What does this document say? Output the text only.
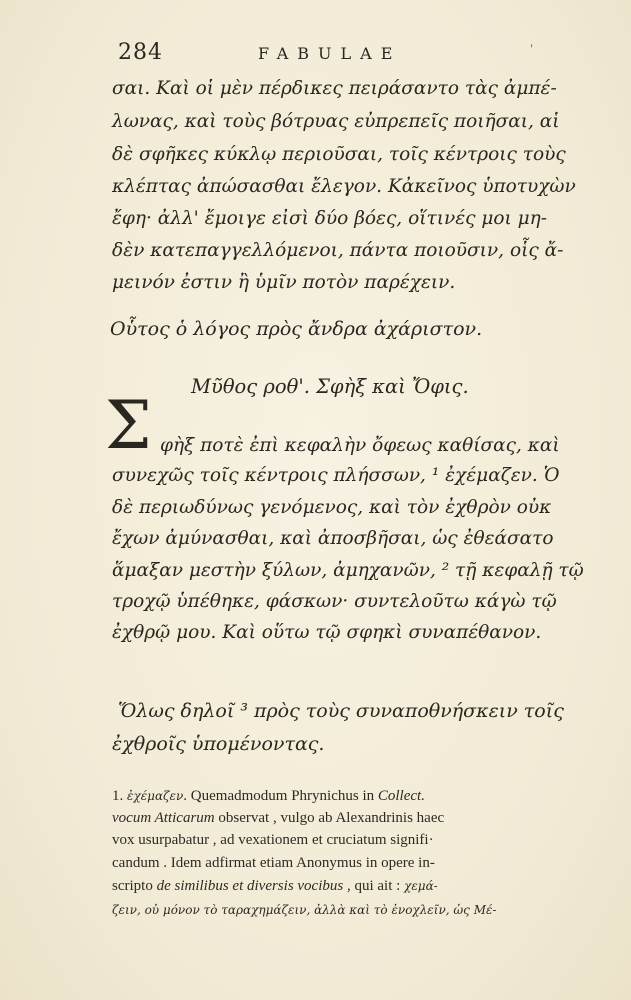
284	FABULAE	'
σαι. Καὶ οἱ μὲν πέρδικες πειράσαντο τὰς ἀμπέ-
λωνας, καὶ τοὺς βότρυας εὐπρεπεῖς ποιῆσαι, αἱ
δὲ σφῆκες κύκλῳ περιοῦσαι, τοῖς κέντροις τοὺς
κλέπτας ἀπώσασθαι ἔλεγον. Κἀκεῖνος ὑποτυχὼν
ἔφη· ἀλλ' ἔμοιγε εἰσὶ δύο βόες, οἵτινές μοι μη-
δὲν κατεπαγγελλόμενοι, πάντα ποιοῦσιν, οἷς ἄ-
μεινόν ἐστιν ἢ ὑμῖν ποτὸν παρέχειν.
Οὗτος ὁ λόγος πρὸς ἄνδρα ἀχάριστον.
Μῦθος ροθ'. Σφὴξ καὶ Ὄφις.
Σ φὴξ ποτὲ ἐπὶ κεφαλὴν ὄφεως καθίσας, καὶ
συνεχῶς τοῖς κέντροις πλήσσων, ¹ ἐχέμαζεν. Ὁ
δὲ περιωδύνως γενόμενος, καὶ τὸν ἐχθρὸν οὐκ
ἔχων ἀμύνασθαι, καὶ ἀποσβῆσαι, ὡς ἐθεάσατο
ἅμαξαν μεστὴν ξύλων, ἀμηχανῶν, ² τῇ κεφαλῇ τῷ
τροχῷ ὑπέθηκε, φάσκων· συντελοῦτω κάγὼ τῷ
ἐχθρῷ μου. Καὶ οὕτω τῷ σφηκὶ συναπέθανον.
Ὅλως δηλοῖ ³ πρὸς τοὺς συναποθνήσκειν τοῖς
ἐχθροῖς ὑπομένοντας.
1. ἐχέμαζεν. Quemadmodum Phrynichus in Collect.
vocum Atticarum observat , vulgo ab Alexandrinis haec
vox usurpabatur , ad vexationem et cruciatum signifi·
candum . Idem adfirmat etiam Anonymus in opere in-
scripto de similibus et diversis vocibus , qui ait : χεμά-
ζειν, οὐ μόνον τὸ ταραχημάζειν, ἀλλὰ καὶ τὸ ἐνοχλεῖν, ὡς Μέ-
